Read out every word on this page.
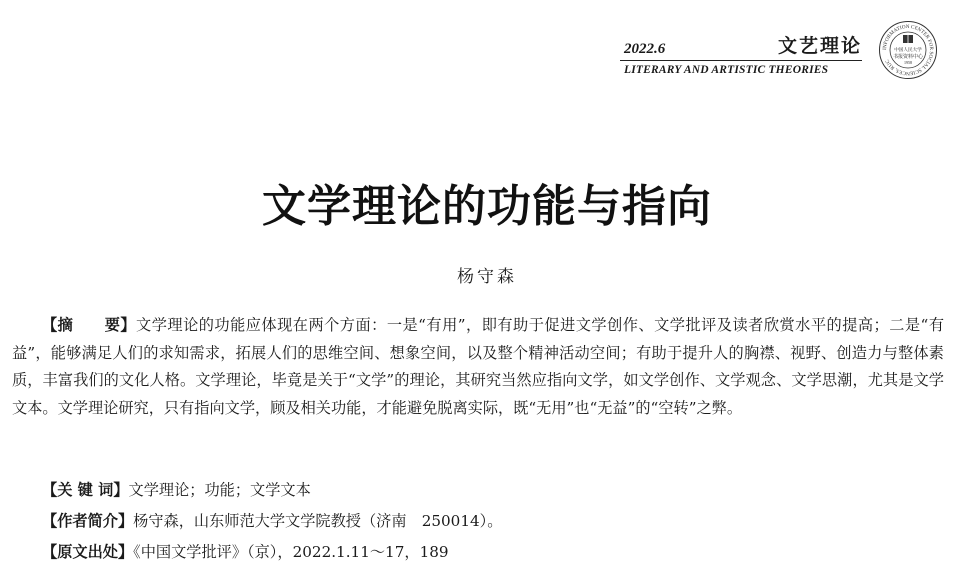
2022.6	文艺理论
LITERARY AND ARTISTIC THEORIES
INFORMATION CENTER FOR SOCIAL SCIENCES, RUC
中国人民大学
书报资料中心
1958
文学理论的功能与指向
杨守森

【摘　　要】文学理论的功能应体现在两个方面：一是“有用”，即有助于促进文学创作、文学批评及读者欣赏水平的提高；二是“有益”，能够满足人们的求知需求，拓展人们的思维空间、想象空间，以及整个精神活动空间；有助于提升人的胸襟、视野、创造力与整体素质，丰富我们的文化人格。文学理论，毕竟是关于“文学”的理论，其研究当然应指向文学，如文学创作、文学观念、文学思潮，尤其是文学文本。文学理论研究，只有指向文学，顾及相关功能，才能避免脱离实际，既“无用”也“无益”的“空转”之弊。

【关 键 词】文学理论；功能；文学文本
【作者简介】杨守森，山东师范大学文学院教授（济南　250014）。
【原文出处】《中国文学批评》（京），2022.1.11～17，189
